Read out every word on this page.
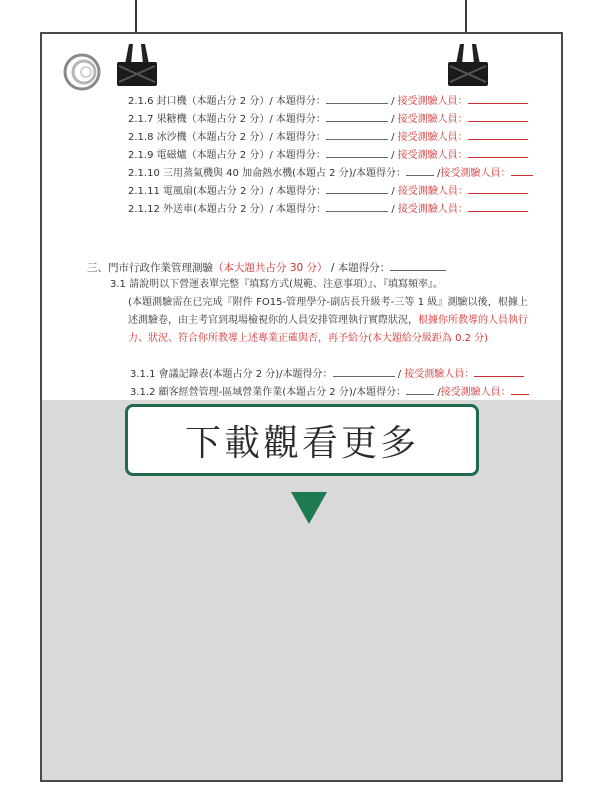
2.1.6 封口機（本題占分 2 分）/ 本題得分：	/ 接受測驗人員：
2.1.7 果糖機（本題占分 2 分）/ 本題得分：	/ 接受測驗人員：
2.1.8 冰沙機（本題占分 2 分）/ 本題得分：	/ 接受測驗人員：
2.1.9 電磁爐（本題占分 2 分）/ 本題得分：	/ 接受測驗人員：
2.1.10 三用蒸氣機與 40 加侖熱水機(本題占 2 分)/本題得分：	/接受測驗人員：
2.1.11 電風扇(本題占分 2 分）/ 本題得分：	/ 接受測驗人員：
2.1.12 外送車(本題占分 2 分）/ 本題得分：	/ 接受測驗人員：
三、門市行政作業管理測驗（本大題共占分 30 分） / 本題得分：
3.1 請說明以下營運表單完整『填寫方式(規範、注意事項）』、『填寫頻率』。
(本題測驗需在已完成『附件 FO15-管理學分-副店長升級考-三等 1 級』測驗以後，根據上述測驗卷，由主考官到現場檢視你的人員安排管理執行實際狀況，根據你所教導的人員執行力、狀況、符合你所教導上述專業正確與否，再予給分(本大題給分級距為 0.2 分)
3.1.1 會議記錄表(本題占分 2 分)/本題得分：	/ 接受測驗人員：
3.1.2 顧客經營管理-區域營業作業(本題占分 2 分)/本題得分：	/接受測驗人員：
下載觀看更多
